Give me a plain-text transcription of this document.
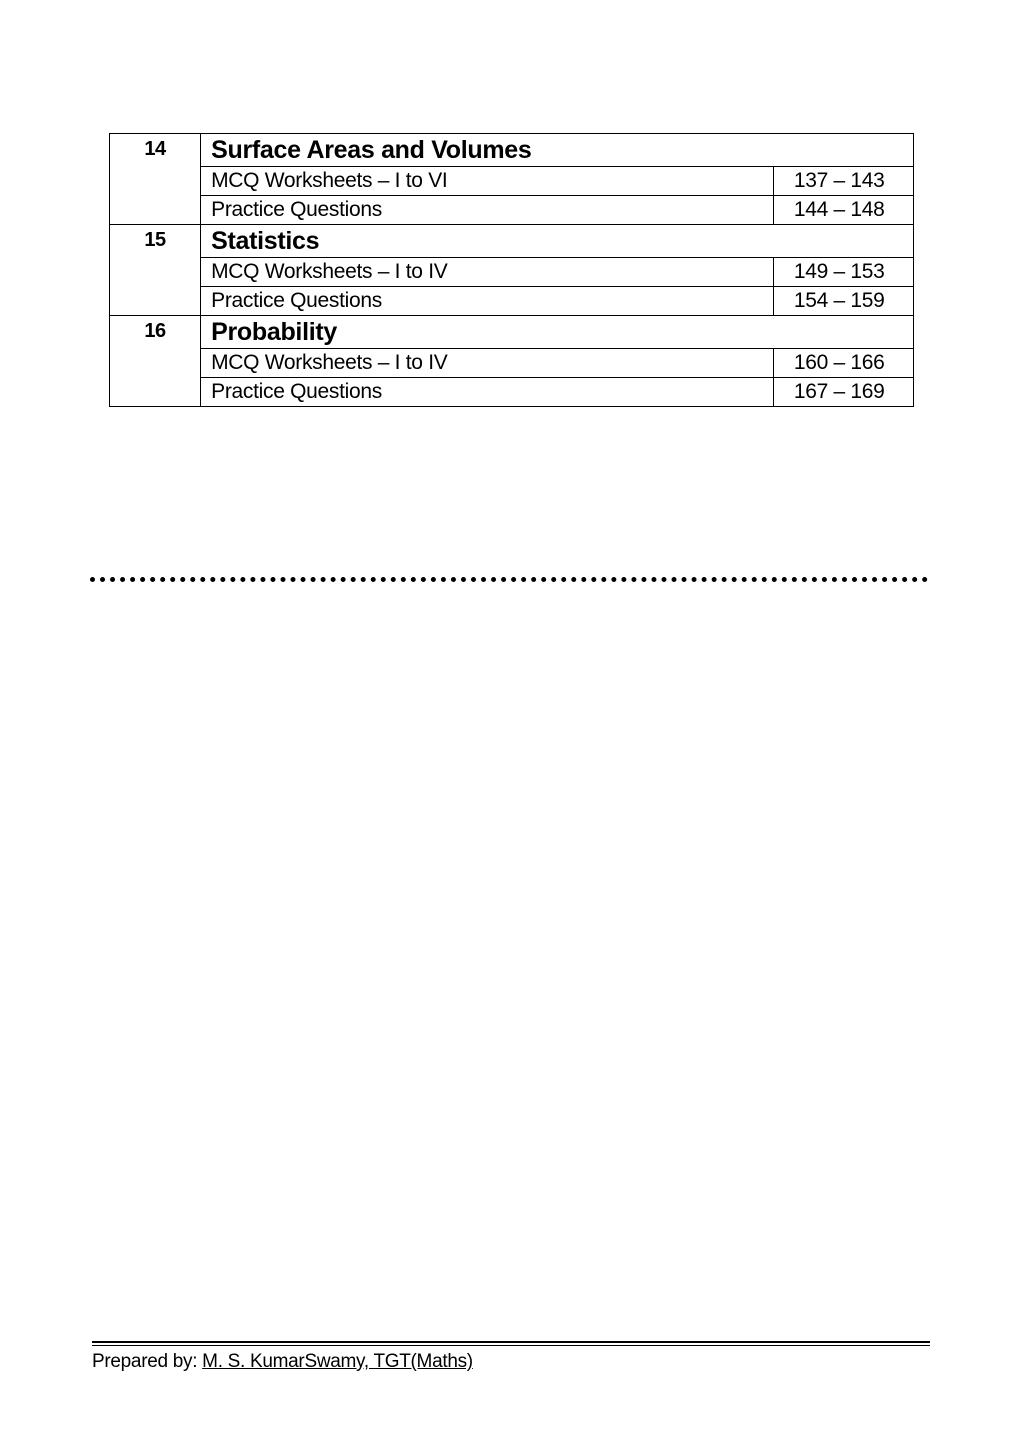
14	Surface Areas and Volumes	
	MCQ Worksheets – I to VI	137 – 143
	Practice Questions	144 – 148
15	Statistics	
	MCQ Worksheets – I to IV	149 – 153
	Practice Questions	154 – 159
16	Probability	
	MCQ Worksheets – I to IV	160 – 166
	Practice Questions	167 – 169
Prepared by: M. S. KumarSwamy, TGT(Maths)
